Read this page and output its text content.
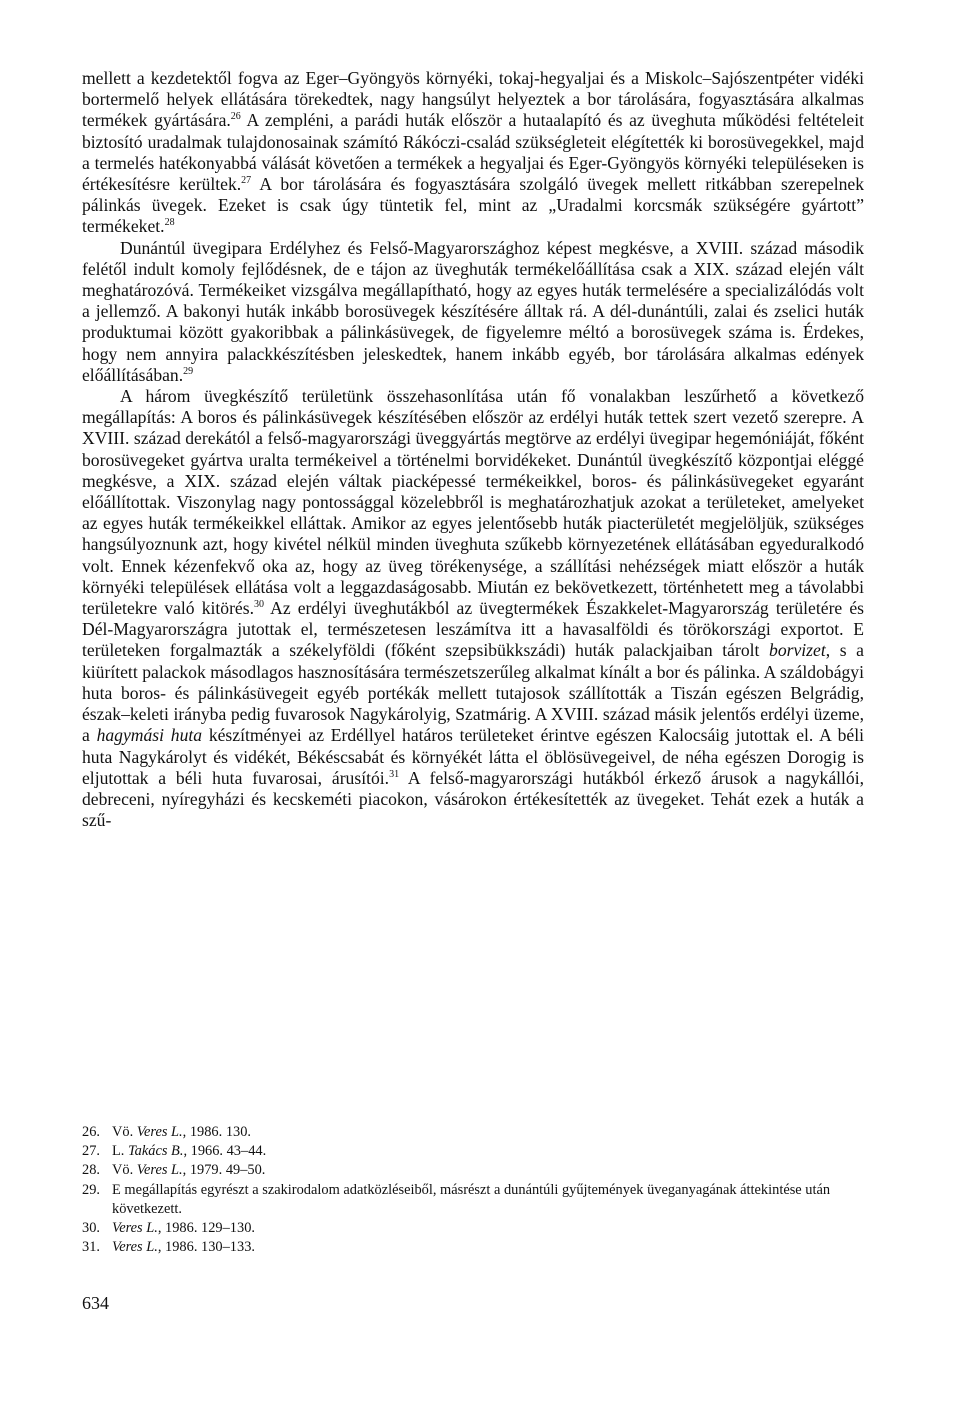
mellett a kezdetektől fogva az Eger–Gyöngyös környéki, tokaj-hegyaljai és a Miskolc–Sajószentpéter vidéki bortermelő helyek ellátására törekedtek, nagy hangsúlyt helyeztek a bor tárolására, fogyasztására alkalmas termékek gyártására.$^{26}$ A zempléni, a parádi huták először a hutaalapító és az üveghuta működési feltételeit biztosító uradalmak tulajdonosainak számító Rákóczi-család szükségleteit elégítették ki borosüvegekkel, majd a termelés hatékonyabbá válását követően a termékek a hegyaljai és Eger-Gyöngyös környéki településeken is értékesítésre kerültek.$^{27}$ A bor tárolására és fogyasztására szolgáló üvegek mellett ritkábban szerepelnek pálinkás üvegek. Ezeket is csak úgy tüntetik fel, mint az „Uradalmi korcsmák szükségére gyártott” termékeket.$^{28}$

Dunántúl üvegipara Erdélyhez és Felső-Magyarországhoz képest megkésve, a XVIII. század második felétől indult komoly fejlődésnek, de e tájon az üveghuták termékelőállítása csak a XIX. század elején vált meghatározóvá. Termékeiket vizsgálva megállapítható, hogy az egyes huták termelésére a specializálódás volt a jellemző. A bakonyi huták inkább borosüvegek készítésére álltak rá. A dél-dunántúli, zalai és zselici huták produktumai között gyakoribbak a pálinkásüvegek, de figyelemre méltó a borosüvegek száma is. Érdekes, hogy nem annyira palackkészítésben jeleskedtek, hanem inkább egyéb, bor tárolására alkalmas edények előállításában.$^{29}$

A három üvegkészítő területünk összehasonlítása után fő vonalakban leszűrhető a következő megállapítás: A boros és pálinkásüvegek készítésében először az erdélyi huták tettek szert vezető szerepre. A XVIII. század derekától a felső-magyarországi üveggyártás megtörve az erdélyi üvegipar hegemóniáját, főként borosüvegeket gyártva uralta termékeivel a történelmi borvidékeket. Dunántúl üvegkészítő központjai eléggé megkésve, a XIX. század elején váltak piacképessé termékeikkel, boros- és pálinkásüvegeket egyaránt előállítottak. Viszonylag nagy pontossággal közelebbről is meghatározhatjuk azokat a területeket, amelyeket az egyes huták termékeikkel elláttak. Amikor az egyes jelentősebb huták piacterületét megjelöljük, szükséges hangsúlyoznunk azt, hogy kivétel nélkül minden üveghuta szűkebb környezetének ellátásában egyeduralkodó volt. Ennek kézenfekvő oka az, hogy az üveg törékenysége, a szállítási nehézségek miatt először a huták környéki települések ellátása volt a leggazdaságosabb. Miután ez bekövetkezett, történhetett meg a távolabbi területekre való kitörés.$^{30}$ Az erdélyi üveghutákból az üvegtermékek Északkelet-Magyarország területére és Dél-Magyarországra jutottak el, természetesen leszámítva itt a havasalföldi és törökországi exportot. E területeken forgalmazták a székelyföldi (főként szepsibükkszádi) huták palackjaiban tárolt borvizet, s a kiürített palackok másodlagos hasznosítására természetszerűleg alkalmat kínált a bor és pálinka. A száldobágyi huta boros- és pálinkásüvegeit egyéb portékák mellett tutajosok szállították a Tiszán egészen Belgrádig, észak–keleti irányba pedig fuvarosok Nagykárolyig, Szatmárig. A XVIII. század másik jelentős erdélyi üzeme, a hagymási huta készítményei az Erdéllyel határos területeket érintve egészen Kalocsáig jutottak el. A béli huta Nagykárolyt és vidékét, Békéscsabát és környékét látta el öblösüvegeivel, de néha egészen Dorogig is eljutottak a béli huta fuvarosai, árusítói.$^{31}$ A felső-magyarországi hutákból érkező árusok a nagykállói, debreceni, nyíregyházi és kecskeméti piacokon, vásárokon értékesítették az üvegeket. Tehát ezek a huták a szű-

26. Vö. Veres L., 1986. 130.
27. L. Takács B., 1966. 43–44.
28. Vö. Veres L., 1979. 49–50.
29. E megállapítás egyrészt a szakirodalom adatközléseiből, másrészt a dunántúli gyűjtemények üveganyagának áttekintése után következett.
30. Veres L., 1986. 129–130.
31. Veres L., 1986. 130–133.
634
